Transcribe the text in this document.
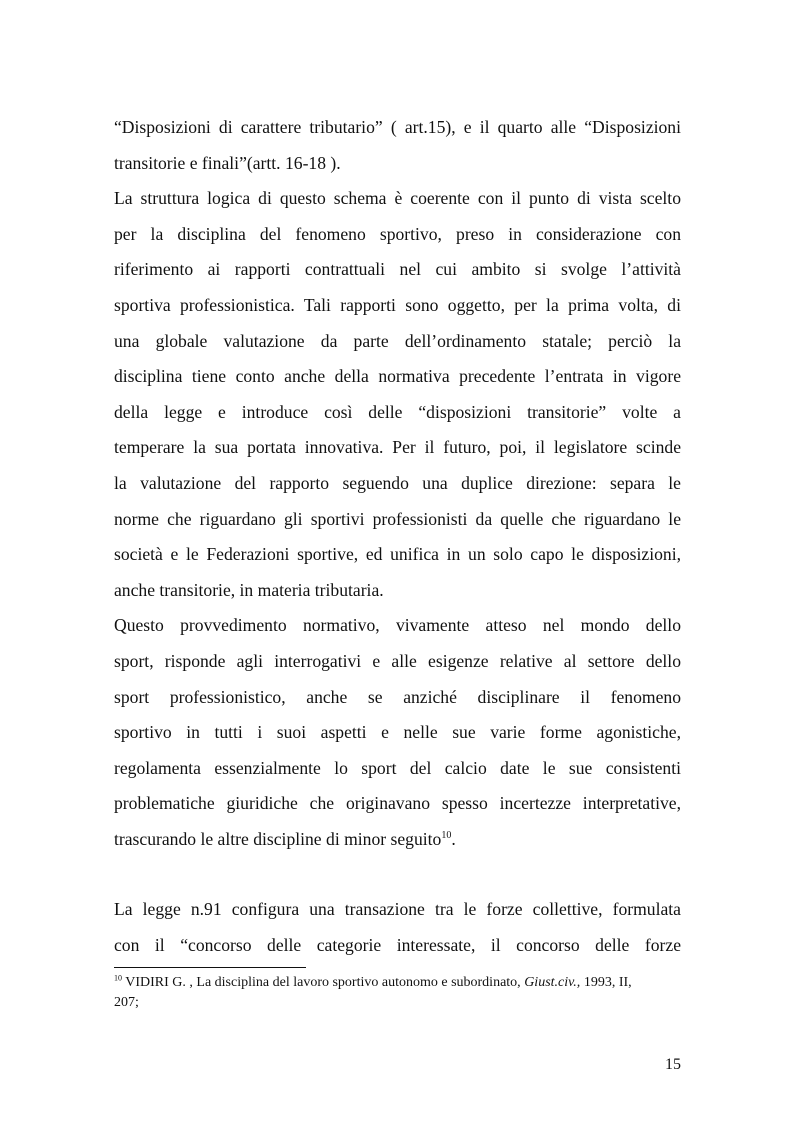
“Disposizioni di carattere tributario” ( art.15), e il quarto alle “Disposizioni
transitorie e finali”(artt. 16-18 ).
La struttura logica di questo schema è coerente con il punto di vista scelto
per la disciplina del fenomeno sportivo, preso in considerazione con
riferimento ai rapporti contrattuali nel cui ambito si svolge l’attività
sportiva professionistica. Tali rapporti sono oggetto, per la prima volta, di
una globale valutazione da parte dell’ordinamento statale; perciò la
disciplina tiene conto anche della normativa precedente l’entrata in vigore
della legge e introduce così delle “disposizioni transitorie” volte a
temperare la sua portata innovativa. Per il futuro, poi, il legislatore scinde
la valutazione del rapporto seguendo una duplice direzione: separa le
norme che riguardano gli sportivi professionisti da quelle che riguardano le
società e le Federazioni sportive, ed unifica in un solo capo le disposizioni,
anche transitorie, in materia tributaria.
Questo provvedimento normativo, vivamente atteso nel mondo dello
sport, risponde agli interrogativi e alle esigenze relative al settore dello
sport professionistico, anche se anziché disciplinare il fenomeno
sportivo in tutti i suoi aspetti e nelle sue varie forme agonistiche,
regolamenta essenzialmente lo sport del calcio date le sue consistenti
problematiche giuridiche che originavano spesso incertezze interpretative,
trascurando le altre discipline di minor seguito$^{10}$.
La legge n.91 configura una transazione tra le forze collettive, formulata
con il “concorso delle categorie interessate, il concorso delle forze
$^{10}$ VIDIRI G. , La disciplina del lavoro sportivo autonomo e subordinato, Giust.civ., 1993, II,
207;
15
